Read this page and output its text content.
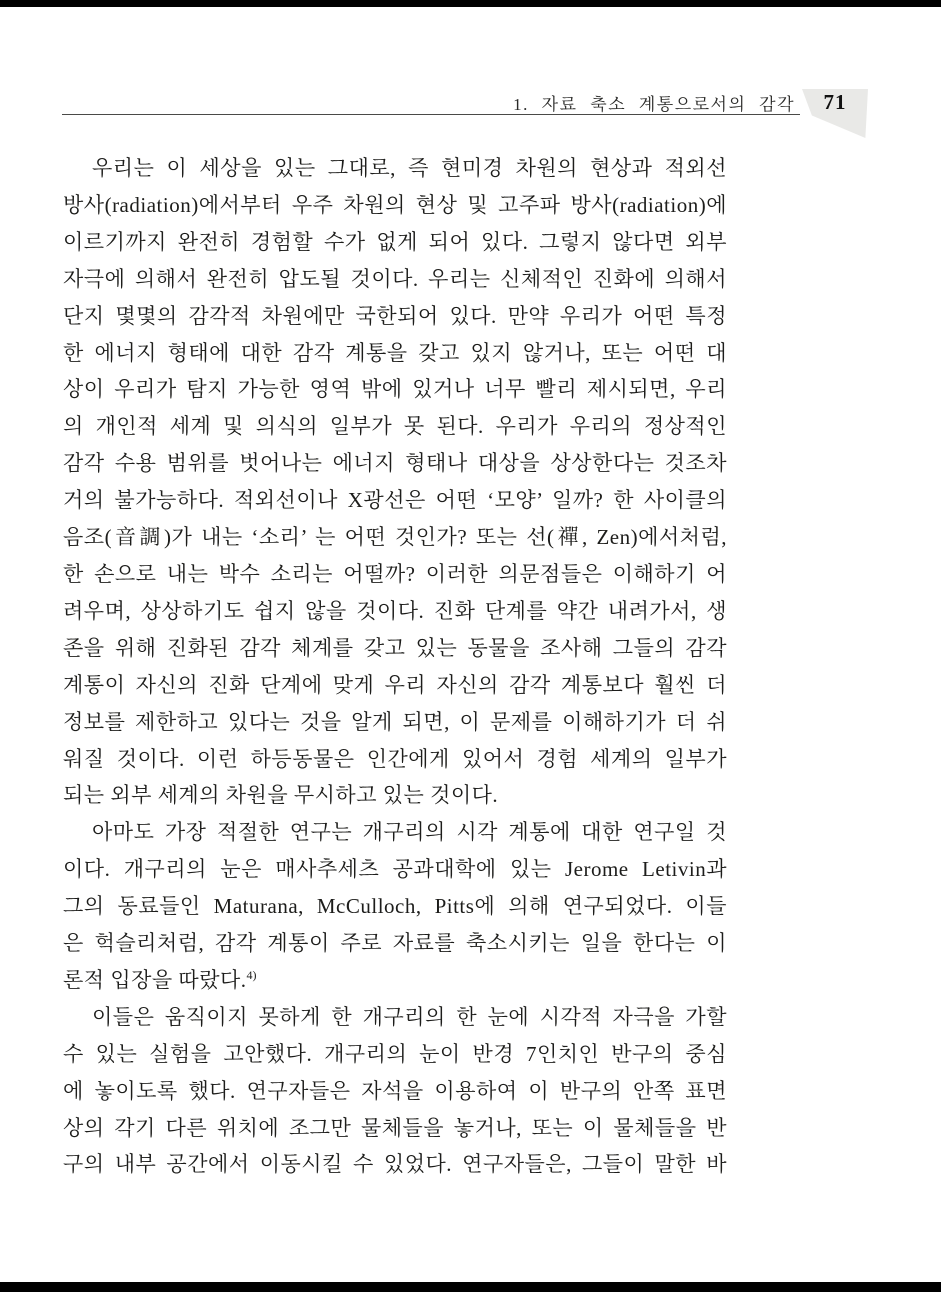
1. 자료 축소 계통으로서의 감각	71
우리는 이 세상을 있는 그대로, 즉 현미경 차원의 현상과 적외선
방사(radiation)에서부터 우주 차원의 현상 및 고주파 방사(radiation)에
이르기까지 완전히 경험할 수가 없게 되어 있다. 그렇지 않다면 외부
자극에 의해서 완전히 압도될 것이다. 우리는 신체적인 진화에 의해서
단지 몇몇의 감각적 차원에만 국한되어 있다. 만약 우리가 어떤 특정
한 에너지 형태에 대한 감각 계통을 갖고 있지 않거나, 또는 어떤 대
상이 우리가 탐지 가능한 영역 밖에 있거나 너무 빨리 제시되면, 우리
의 개인적 세계 및 의식의 일부가 못 된다. 우리가 우리의 정상적인
감각 수용 범위를 벗어나는 에너지 형태나 대상을 상상한다는 것조차
거의 불가능하다. 적외선이나 X광선은 어떤 ‘모양’ 일까? 한 사이클의
음조(音調)가 내는 ‘소리’ 는 어떤 것인가? 또는 선(禪, Zen)에서처럼,
한 손으로 내는 박수 소리는 어떨까? 이러한 의문점들은 이해하기 어
려우며, 상상하기도 쉽지 않을 것이다. 진화 단계를 약간 내려가서, 생
존을 위해 진화된 감각 체계를 갖고 있는 동물을 조사해 그들의 감각
계통이 자신의 진화 단계에 맞게 우리 자신의 감각 계통보다 훨씬 더
정보를 제한하고 있다는 것을 알게 되면, 이 문제를 이해하기가 더 쉬
워질 것이다. 이런 하등동물은 인간에게 있어서 경험 세계의 일부가
되는 외부 세계의 차원을 무시하고 있는 것이다.
아마도 가장 적절한 연구는 개구리의 시각 계통에 대한 연구일 것
이다. 개구리의 눈은 매사추세츠 공과대학에 있는 Jerome Letivin과
그의 동료들인 Maturana, McCulloch, Pitts에 의해 연구되었다. 이들
은 헉슬리처럼, 감각 계통이 주로 자료를 축소시키는 일을 한다는 이
론적 입장을 따랐다.$^{4)}$
이들은 움직이지 못하게 한 개구리의 한 눈에 시각적 자극을 가할
수 있는 실험을 고안했다. 개구리의 눈이 반경 7인치인 반구의 중심
에 놓이도록 했다. 연구자들은 자석을 이용하여 이 반구의 안쪽 표면
상의 각기 다른 위치에 조그만 물체들을 놓거나, 또는 이 물체들을 반
구의 내부 공간에서 이동시킬 수 있었다. 연구자들은, 그들이 말한 바
